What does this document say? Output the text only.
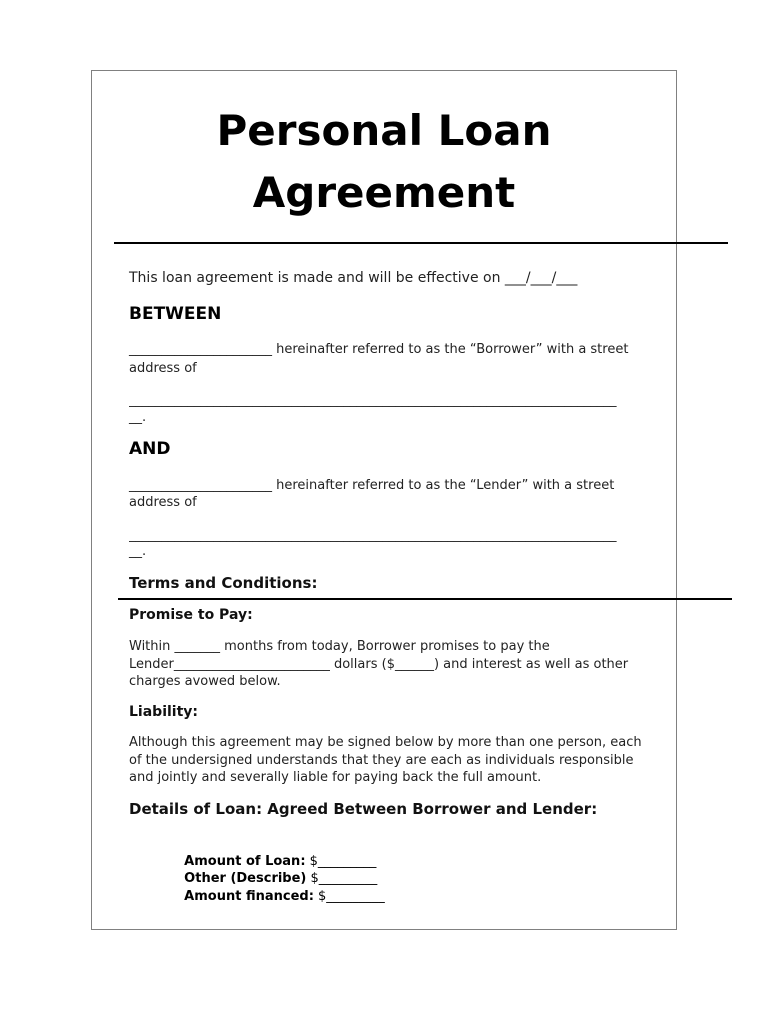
Personal Loan
Agreement
This loan agreement is made and will be effective on ___/___/___
BETWEEN
______________________ hereinafter referred to as the “Borrower” with a street
address of
___________________________________________________________________________
__.
AND
______________________ hereinafter referred to as the “Lender” with a street
address of
___________________________________________________________________________
__.
Terms and Conditions:
Promise to Pay:
Within _______ months from today, Borrower promises to pay the
Lender________________________ dollars ($______) and interest as well as other
charges avowed below.
Liability:
Although this agreement may be signed below by more than one person, each
of the undersigned understands that they are each as individuals responsible
and jointly and severally liable for paying back the full amount.
Details of Loan: Agreed Between Borrower and Lender:

Amount of Loan: $_________

Other (Describe) $_________

Amount financed: $_________
